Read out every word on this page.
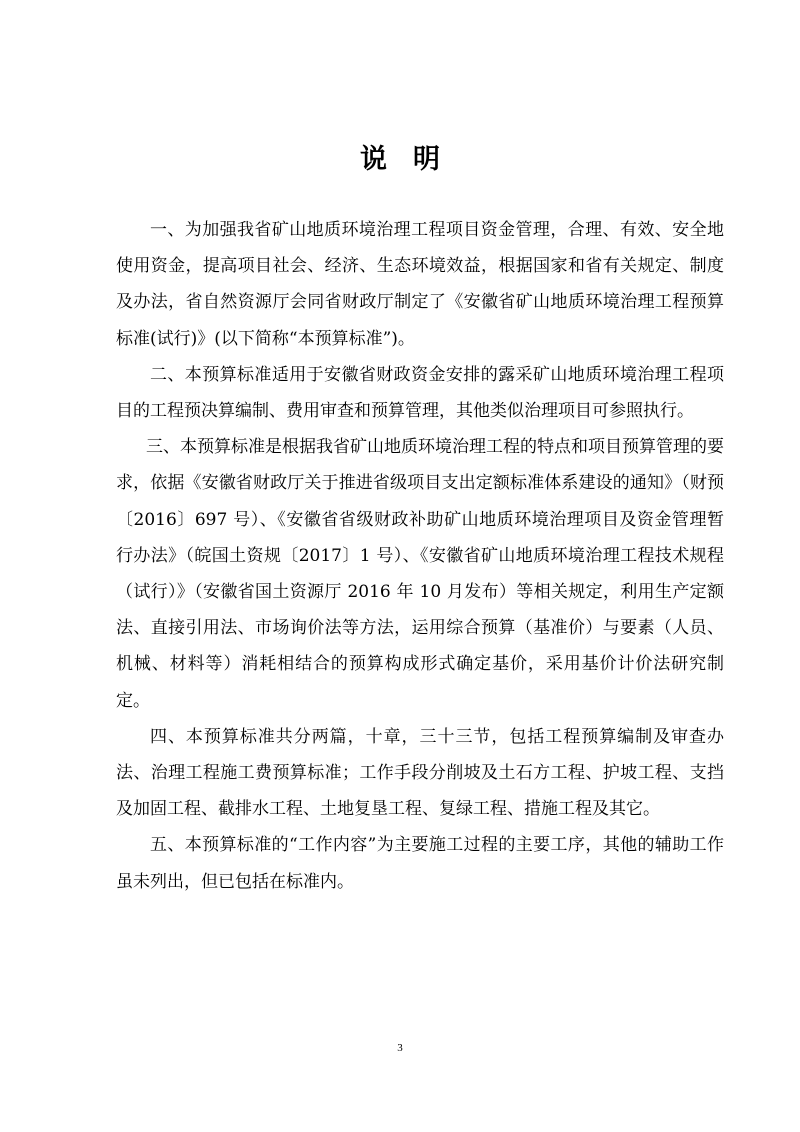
说明

一、为加强我省矿山地质环境治理工程项目资金管理，合理、有效、安全地使用资金，提高项目社会、经济、生态环境效益，根据国家和省有关规定、制度及办法，省自然资源厅会同省财政厅制定了《安徽省矿山地质环境治理工程预算标准(试行)》(以下简称“本预算标准”)。

二、本预算标准适用于安徽省财政资金安排的露采矿山地质环境治理工程项目的工程预决算编制、费用审查和预算管理，其他类似治理项目可参照执行。

三、本预算标准是根据我省矿山地质环境治理工程的特点和项目预算管理的要求，依据《安徽省财政厅关于推进省级项目支出定额标准体系建设的通知》（财预〔2016〕697 号）、《安徽省省级财政补助矿山地质环境治理项目及资金管理暂行办法》（皖国土资规〔2017〕1 号）、《安徽省矿山地质环境治理工程技术规程（试行）》（安徽省国土资源厅 2016 年 10 月发布）等相关规定，利用生产定额法、直接引用法、市场询价法等方法，运用综合预算（基准价）与要素（人员、机械、材料等）消耗相结合的预算构成形式确定基价，采用基价计价法研究制定。

四、本预算标准共分两篇，十章，三十三节，包括工程预算编制及审查办法、治理工程施工费预算标准；工作手段分削坡及土石方工程、护坡工程、支挡及加固工程、截排水工程、土地复垦工程、复绿工程、措施工程及其它。

五、本预算标准的“工作内容”为主要施工过程的主要工序，其他的辅助工作虽未列出，但已包括在标准内。

3
